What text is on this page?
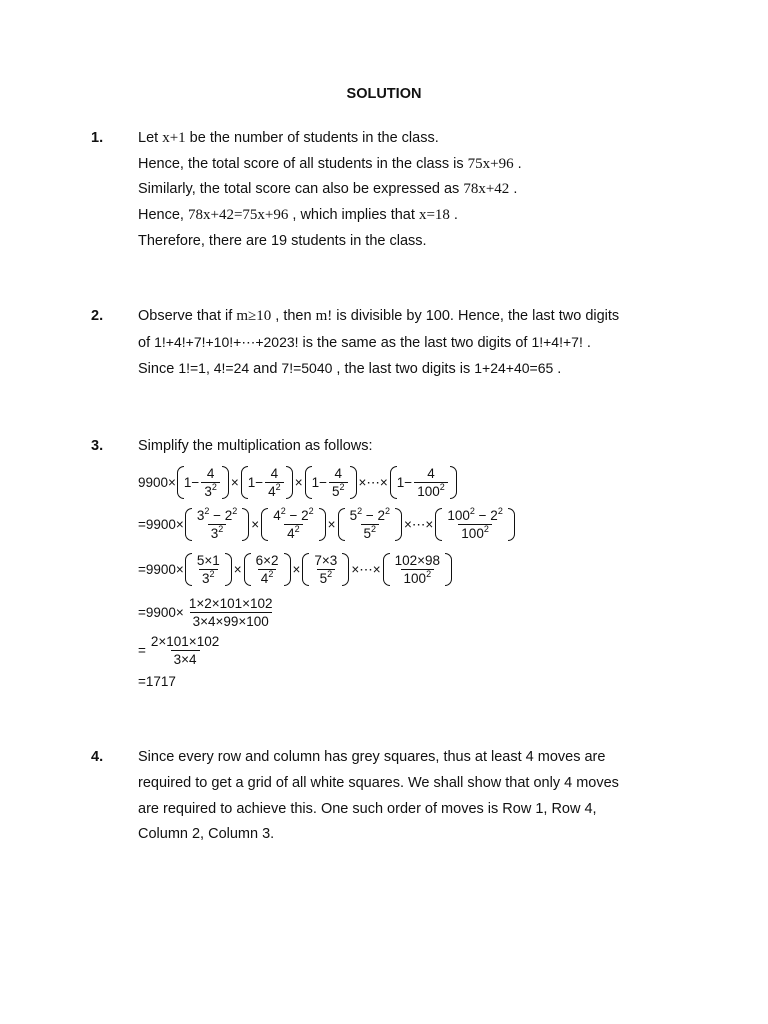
SOLUTION
1. Let x+1 be the number of students in the class.
Hence, the total score of all students in the class is 75x+96 .
Similarly, the total score can also be expressed as 78x+42 .
Hence, 78x+42=75x+96 , which implies that x=18 .
Therefore, there are 19 students in the class.
2. Observe that if m≥10 , then m! is divisible by 100. Hence, the last two digits
of 1!+4!+7!+10!+⋯+2023! is the same as the last two digits of 1!+4!+7! .
Since 1!=1, 4!=24 and 7!=5040 , the last two digits is 1+24+40=65 .
3. Simplify the multiplication as follows:
$9900\times 1- \frac{4}{3^2} \times 1- \frac{4}{4^2} \times 1- \frac{4}{5^2}$ ×⋯× $1- \frac{4}{100^2}$
$=9900\times \frac{3^2 - 2^2}{3^2} \times \frac{4^2 - 2^2}{4^2} \times \frac{5^2 - 2^2}{5^2}$ ×⋯× $\frac{100^2 - 2^2}{100^2}$
$=9900\times \frac{5\times 1}{3^2} \times \frac{6\times 2}{4^2} \times \frac{7\times 3}{5^2}$ ×⋯× $\frac{102\times 98}{100^2}$
$=9900\times \frac{1\times 2\times 101\times 102}{3\times 4\times 99\times 100}$
= $\frac{2\times 101\times 102}{3\times 4}$
=1717
4. Since every row and column has grey squares, thus at least 4 moves are
required to get a grid of all white squares. We shall show that only 4 moves
are required to achieve this. One such order of moves is Row 1, Row 4,
Column 2, Column 3.
